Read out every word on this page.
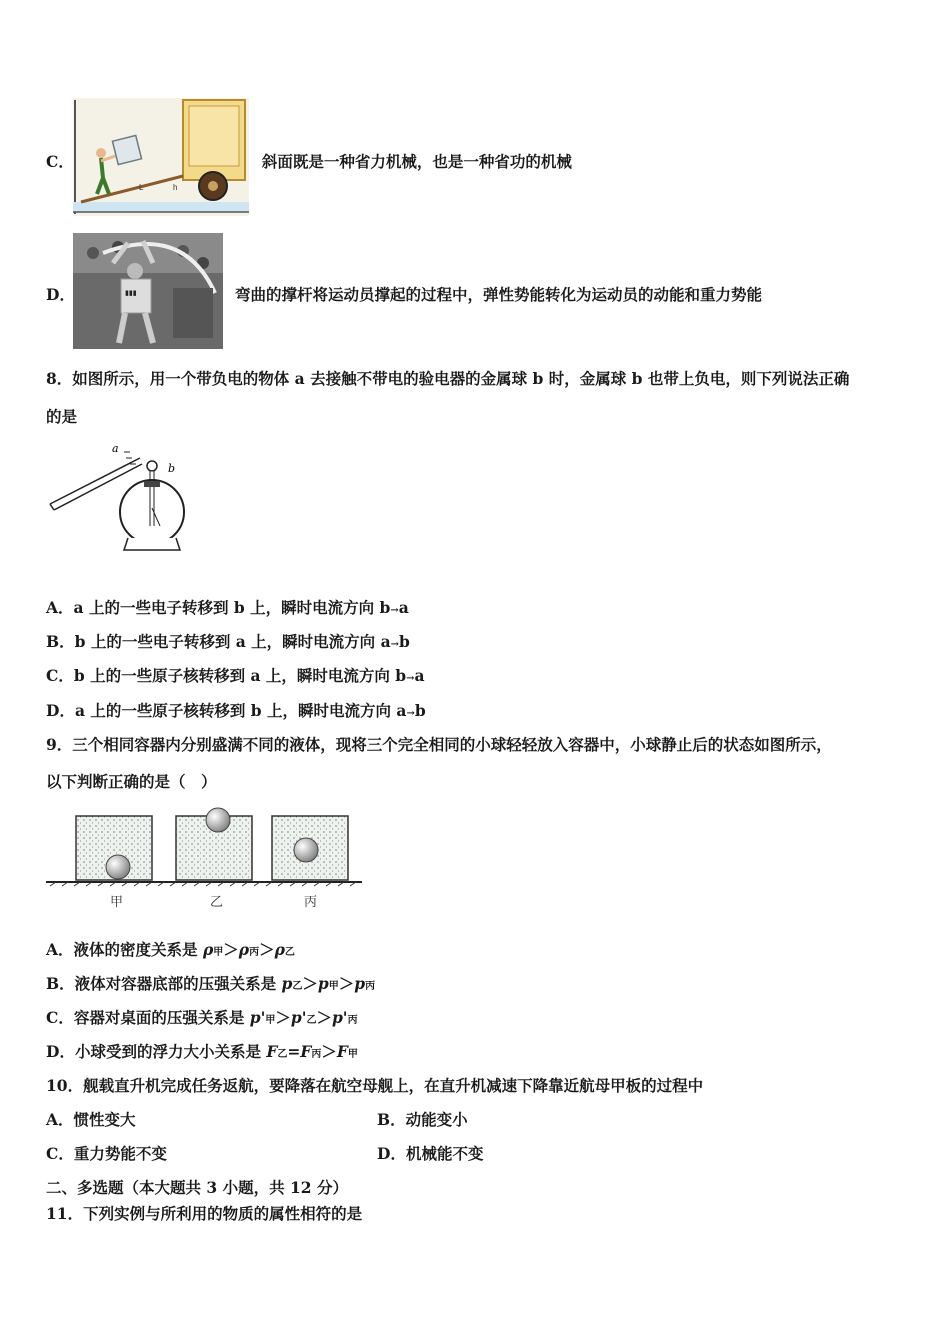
L	h
C．	斜面既是一种省力机械，也是一种省功的机械
▮▮▮
D．	弯曲的撑杆将运动员撑起的过程中，弹性势能转化为运动员的动能和重力势能
8．如图所示，用一个带负电的物体 a 去接触不带电的验电器的金属球 b 时，金属球 b 也带上负电，则下列说法正确
的是
a
b
A．a 上的一些电子转移到 b 上，瞬时电流方向 b→a
B．b 上的一些电子转移到 a 上，瞬时电流方向 a→b
C．b 上的一些原子核转移到 a 上，瞬时电流方向 b→a
D．a 上的一些原子核转移到 b 上，瞬时电流方向 a→b
9．三个相同容器内分别盛满不同的液体，现将三个完全相同的小球轻轻放入容器中，小球静止后的状态如图所示，
以下判断正确的是（　）
甲	乙	丙
A．液体的密度关系是 ρ甲＞ρ丙＞ρ乙
B．液体对容器底部的压强关系是 p乙＞p甲＞p丙
C．容器对桌面的压强关系是 p'甲＞p'乙＞p'丙
D．小球受到的浮力大小关系是 F乙=F丙＞F甲
10．舰载直升机完成任务返航，要降落在航空母舰上，在直升机减速下降靠近航母甲板的过程中
A．惯性变大	B．动能变小
C．重力势能不变	D．机械能不变
二、多选题（本大题共 3 小题，共 12 分）
11．下列实例与所利用的物质的属性相符的是
